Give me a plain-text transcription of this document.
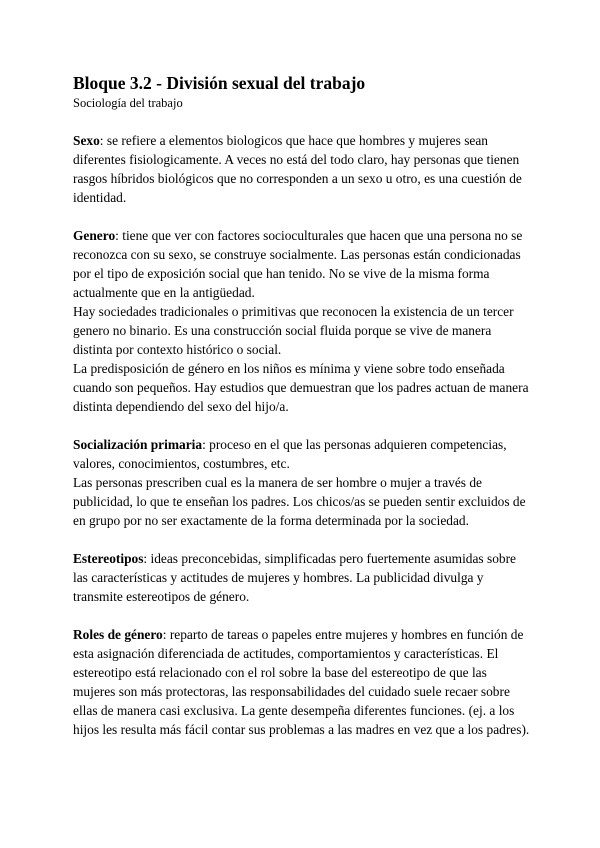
Bloque 3.2 - División sexual del trabajo
Sociología del trabajo

Sexo: se refiere a elementos biologicos que hace que hombres y mujeres sean diferentes fisiologicamente. A veces no está del todo claro, hay personas que tienen rasgos híbridos biológicos que no corresponden a un sexo u otro, es una cuestión de identidad.

Genero: tiene que ver con factores socioculturales que hacen que una persona no se reconozca con su sexo, se construye socialmente. Las personas están condicionadas por el tipo de exposición social que han tenido. No se vive de la misma forma actualmente que en la antigüedad.

Hay sociedades tradicionales o primitivas que reconocen la existencia de un tercer genero no binario. Es una construcción social fluida porque se vive de manera distinta por contexto histórico o social.

La predisposición de género en los niños es mínima y viene sobre todo enseñada cuando son pequeños. Hay estudios que demuestran que los padres actuan de manera distinta dependiendo del sexo del hijo/a.

Socialización primaria: proceso en el que las personas adquieren competencias, valores, conocimientos, costumbres, etc.

Las personas prescriben cual es la manera de ser hombre o mujer a través de publicidad, lo que te enseñan los padres. Los chicos/as se pueden sentir excluidos de en grupo por no ser exactamente de la forma determinada por la sociedad.

Estereotipos: ideas preconcebidas, simplificadas pero fuertemente asumidas sobre las características y actitudes de mujeres y hombres. La publicidad divulga y transmite estereotipos de género.

Roles de género: reparto de tareas o papeles entre mujeres y hombres en función de esta asignación diferenciada de actitudes, comportamientos y características. El estereotipo está relacionado con el rol sobre la base del estereotipo de que las mujeres son más protectoras, las responsabilidades del cuidado suele recaer sobre ellas de manera casi exclusiva. La gente desempeña diferentes funciones. (ej. a los hijos les resulta más fácil contar sus problemas a las madres en vez que a los padres).
